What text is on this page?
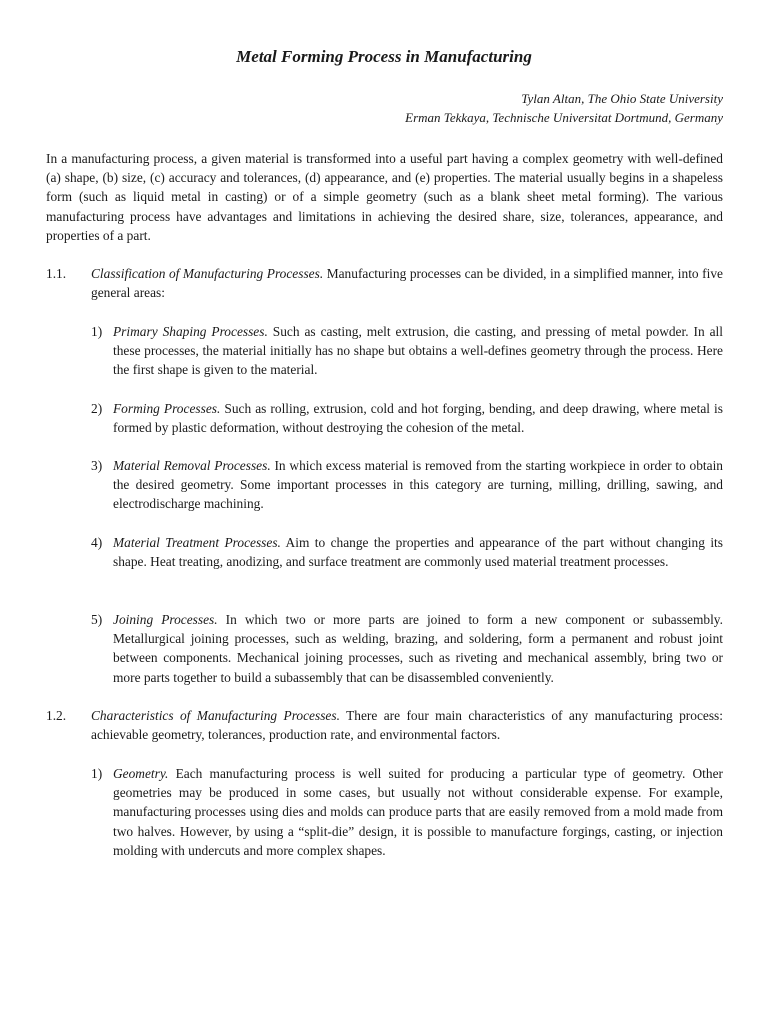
Metal Forming Process in Manufacturing
Tylan Altan, The Ohio State University
Erman Tekkaya, Technische Universitat Dortmund, Germany

In a manufacturing process, a given material is transformed into a useful part having a complex geometry with well-defined (a) shape, (b) size, (c) accuracy and tolerances, (d) appearance, and (e) properties. The material usually begins in a shapeless form (such as liquid metal in casting) or of a simple geometry (such as a blank sheet metal forming). The various manufacturing process have advantages and limitations in achieving the desired share, size, tolerances, appearance, and properties of a part.

1.1. Classification of Manufacturing Processes. Manufacturing processes can be divided, in a simplified manner, into five general areas:

1) Primary Shaping Processes. Such as casting, melt extrusion, die casting, and pressing of metal powder. In all these processes, the material initially has no shape but obtains a well-defines geometry through the process. Here the first shape is given to the material.

2) Forming Processes. Such as rolling, extrusion, cold and hot forging, bending, and deep drawing, where metal is formed by plastic deformation, without destroying the cohesion of the metal.

3) Material Removal Processes. In which excess material is removed from the starting workpiece in order to obtain the desired geometry. Some important processes in this category are turning, milling, drilling, sawing, and electrodischarge machining.

4) Material Treatment Processes. Aim to change the properties and appearance of the part without changing its shape. Heat treating, anodizing, and surface treatment are commonly used material treatment processes.

5) Joining Processes. In which two or more parts are joined to form a new component or subassembly. Metallurgical joining processes, such as welding, brazing, and soldering, form a permanent and robust joint between components. Mechanical joining processes, such as riveting and mechanical assembly, bring two or more parts together to build a subassembly that can be disassembled conveniently.

1.2. Characteristics of Manufacturing Processes. There are four main characteristics of any manufacturing process: achievable geometry, tolerances, production rate, and environmental factors.

1) Geometry. Each manufacturing process is well suited for producing a particular type of geometry. Other geometries may be produced in some cases, but usually not without considerable expense. For example, manufacturing processes using dies and molds can produce parts that are easily removed from a mold made from two halves. However, by using a “split-die” design, it is possible to manufacture forgings, casting, or injection molding with undercuts and more complex shapes.
